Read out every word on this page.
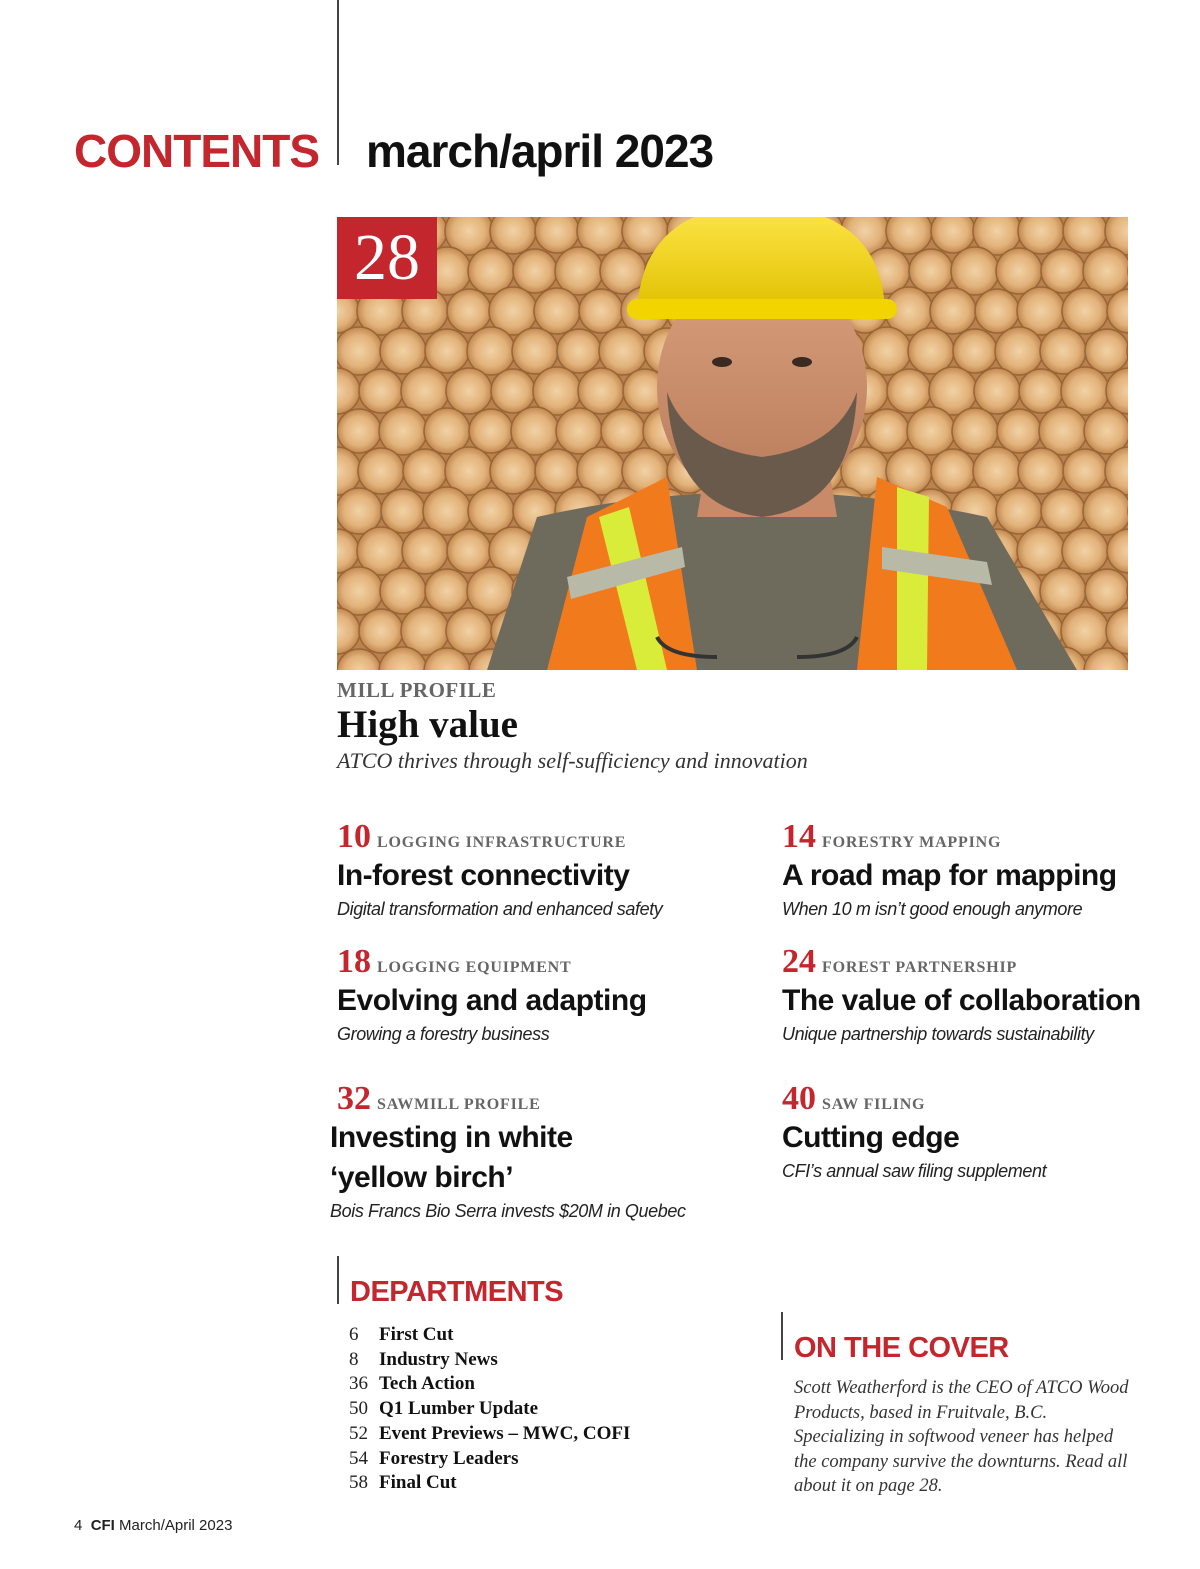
CONTENTS march/april 2023
28
MILL PROFILE
High value
ATCO thrives through self-sufficiency and innovation
10 LOGGING INFRASTRUCTURE
In-forest connectivity
Digital transformation and enhanced safety
14 FORESTRY MAPPING
A road map for mapping
When 10 m isn’t good enough anymore
18 LOGGING EQUIPMENT
Evolving and adapting
Growing a forestry business
24 FOREST PARTNERSHIP
The value of collaboration
Unique partnership towards sustainability
32 SAWMILL PROFILE
Investing in white
‘yellow birch’
Bois Francs Bio Serra invests $20M in Quebec
40 SAW FILING
Cutting edge
CFI’s annual saw filing supplement
DEPARTMENTS
6 First Cut
8 Industry News
36 Tech Action
50 Q1 Lumber Update
52 Event Previews – MWC, COFI
54 Forestry Leaders
58 Final Cut
ON THE COVER
Scott Weatherford is the CEO of ATCO Wood Products, based in Fruitvale, B.C. Specializing in softwood veneer has helped the company survive the downturns. Read all about it on page 28.
4 CFI March/April 2023
